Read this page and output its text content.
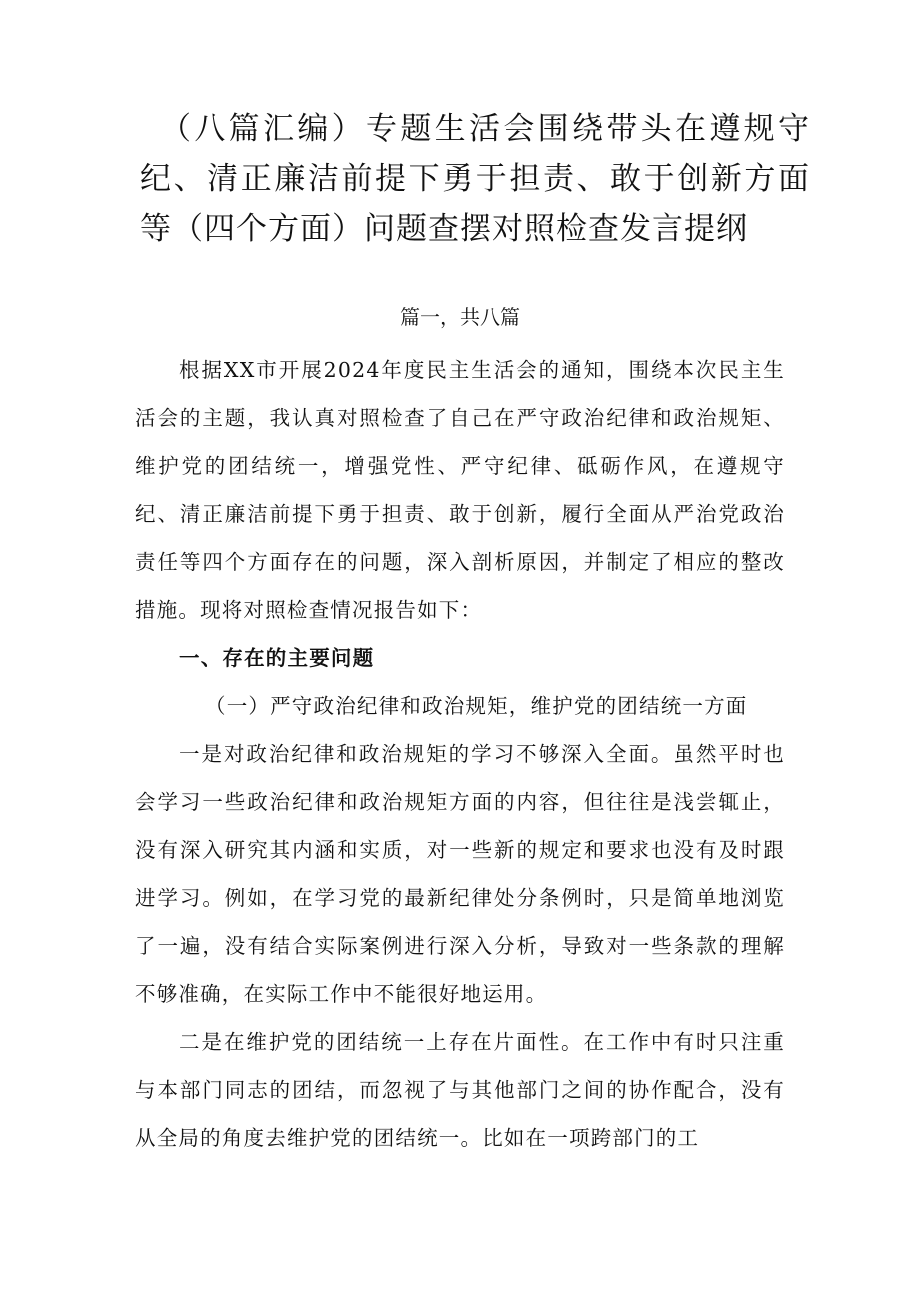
（八篇汇编）专题生活会围绕带头在遵规守纪、清正廉洁前提下勇于担责、敢于创新方面等（四个方面）问题查摆对照检查发言提纲

篇一，共八篇

根据XX市开展2024年度民主生活会的通知，围绕本次民主生活会的主题，我认真对照检查了自己在严守政治纪律和政治规矩、维护党的团结统一，增强党性、严守纪律、砥砺作风，在遵规守纪、清正廉洁前提下勇于担责、敢于创新，履行全面从严治党政治责任等四个方面存在的问题，深入剖析原因，并制定了相应的整改措施。现将对照检查情况报告如下：

一、存在的主要问题

（一）严守政治纪律和政治规矩，维护党的团结统一方面

一是对政治纪律和政治规矩的学习不够深入全面。虽然平时也会学习一些政治纪律和政治规矩方面的内容，但往往是浅尝辄止，没有深入研究其内涵和实质，对一些新的规定和要求也没有及时跟进学习。例如，在学习党的最新纪律处分条例时，只是简单地浏览了一遍，没有结合实际案例进行深入分析，导致对一些条款的理解不够准确，在实际工作中不能很好地运用。

二是在维护党的团结统一上存在片面性。在工作中有时只注重与本部门同志的团结，而忽视了与其他部门之间的协作配合，没有从全局的角度去维护党的团结统一。比如在一项跨部门的工
